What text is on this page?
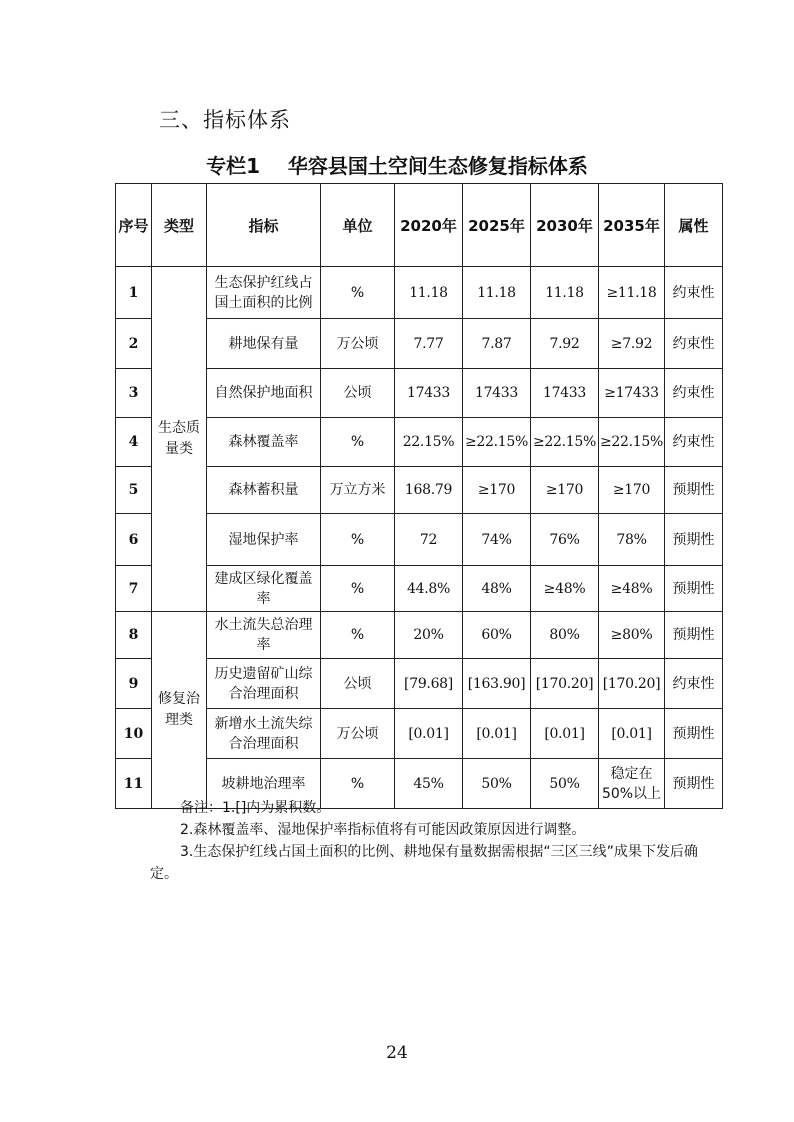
三、指标体系
专栏1    华容县国土空间生态修复指标体系
序号	类型	指标	单位	2020年	2025年	2030年	2035年	属性
1	生态质量类	生态保护红线占国土面积的比例	%	11.18	11.18	11.18	≥11.18	约束性
2		耕地保有量	万公顷	7.77	7.87	7.92	≥7.92	约束性
3		自然保护地面积	公顷	17433	17433	17433	≥17433	约束性
4		森林覆盖率	%	22.15%	≥22.15%	≥22.15%	≥22.15%	约束性
5		森林蓄积量	万立方米	168.79	≥170	≥170	≥170	预期性
6		湿地保护率	%	72	74%	76%	78%	预期性
7		建成区绿化覆盖率	%	44.8%	48%	≥48%	≥48%	预期性
8	修复治理类	水土流失总治理率	%	20%	60%	80%	≥80%	预期性
9		历史遗留矿山综合治理面积	公顷	[79.68]	[163.90]	[170.20]	[170.20]	约束性
10		新增水土流失综合治理面积	万公顷	[0.01]	[0.01]	[0.01]	[0.01]	预期性
11		坡耕地治理率	%	45%	50%	50%	稳定在50%以上	预期性
备注：1.[]内为累积数。
2.森林覆盖率、湿地保护率指标值将有可能因政策原因进行调整。
3.生态保护红线占国土面积的比例、耕地保有量数据需根据“三区三线”成果下发后确定。
24
